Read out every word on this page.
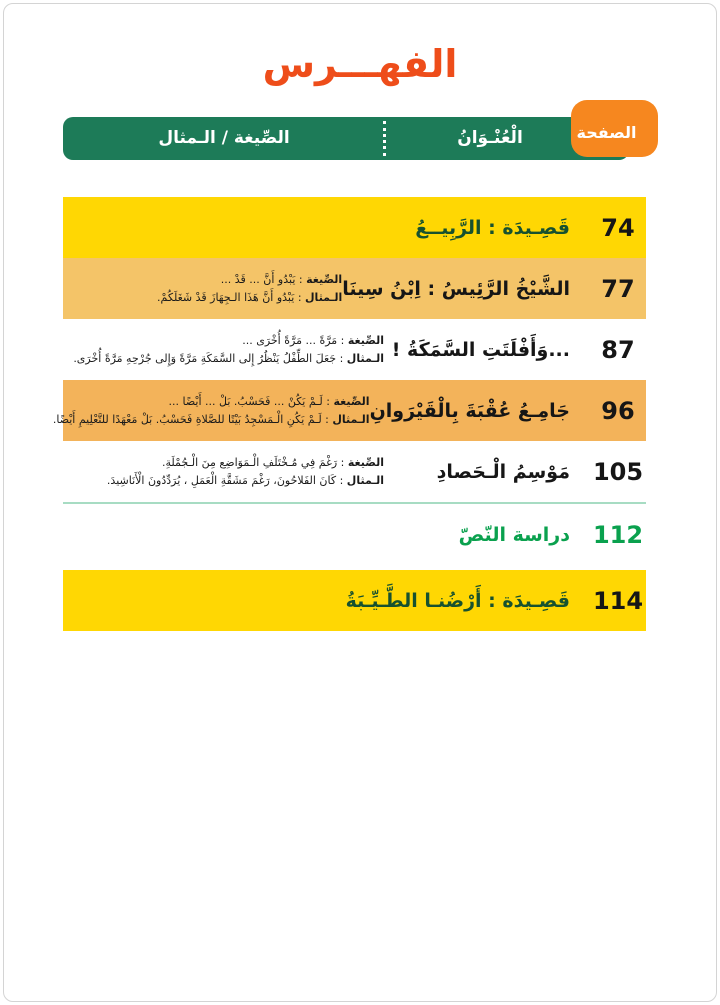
الفهـــرس
الصِّيغة / الـمثال	الْعُنْـوَانُ	الصفحة
74
قَصِـيدَة : الرَّبِيــعُ
77
الشَّيْخُ الرَّئِيسُ : اِبْنُ سِينَا
الصِّيغة : يَبْدُو أَنَّ ... قَدْ ...
الـمثال : يَبْدُو أَنَّ هَذَا الـجِهَازَ قَدْ شَغَلَكُمْ.
87
...وَأَفْلَتَتِ السَّمَكَةُ !
الصِّيغة : مَرَّةً ... مَرَّةً أُخْرَى ...
الـمثال : جَعَلَ الطِّفْلُ يَنْظُرُ إِلى السَّمَكَةِ مَرَّةً وَإِلى جُرْحِهِ مَرَّةً أُخْرَى.
96
جَامِـعُ عُقْبَةَ بِالْقَيْرَوانِ
الصِّيغة : لَـمْ يَكُنْ ... فَحَسْبُ. بَلْ ... أَيْضًا ...
الـمثال : لَـمْ يَكُنِ الْـمَسْجِدُ بَيْتًا للصَّلاةِ فَحَسْبُ. بَلْ مَعْهَدًا للتَّعْلِيمِ أَيْضًا.
105
مَوْسِمُ الْـحَصادِ
الصِّيغة : رَغْمَ فِي مُـخْتَلَفِ الْـمَوَاضِع مِنَ الْـجُمْلَةِ.
الـمثال : كَانَ الفَلاحُونَ، رَغْمَ مَشَقَّةِ الْعَمَلِ ، يُرَدِّدُونَ الْأَنَاشِيدَ.
112
دراسة النّصّ
114
قَصِـيدَة : أَرْضُنـا الطَّـيِّـبَةُ
